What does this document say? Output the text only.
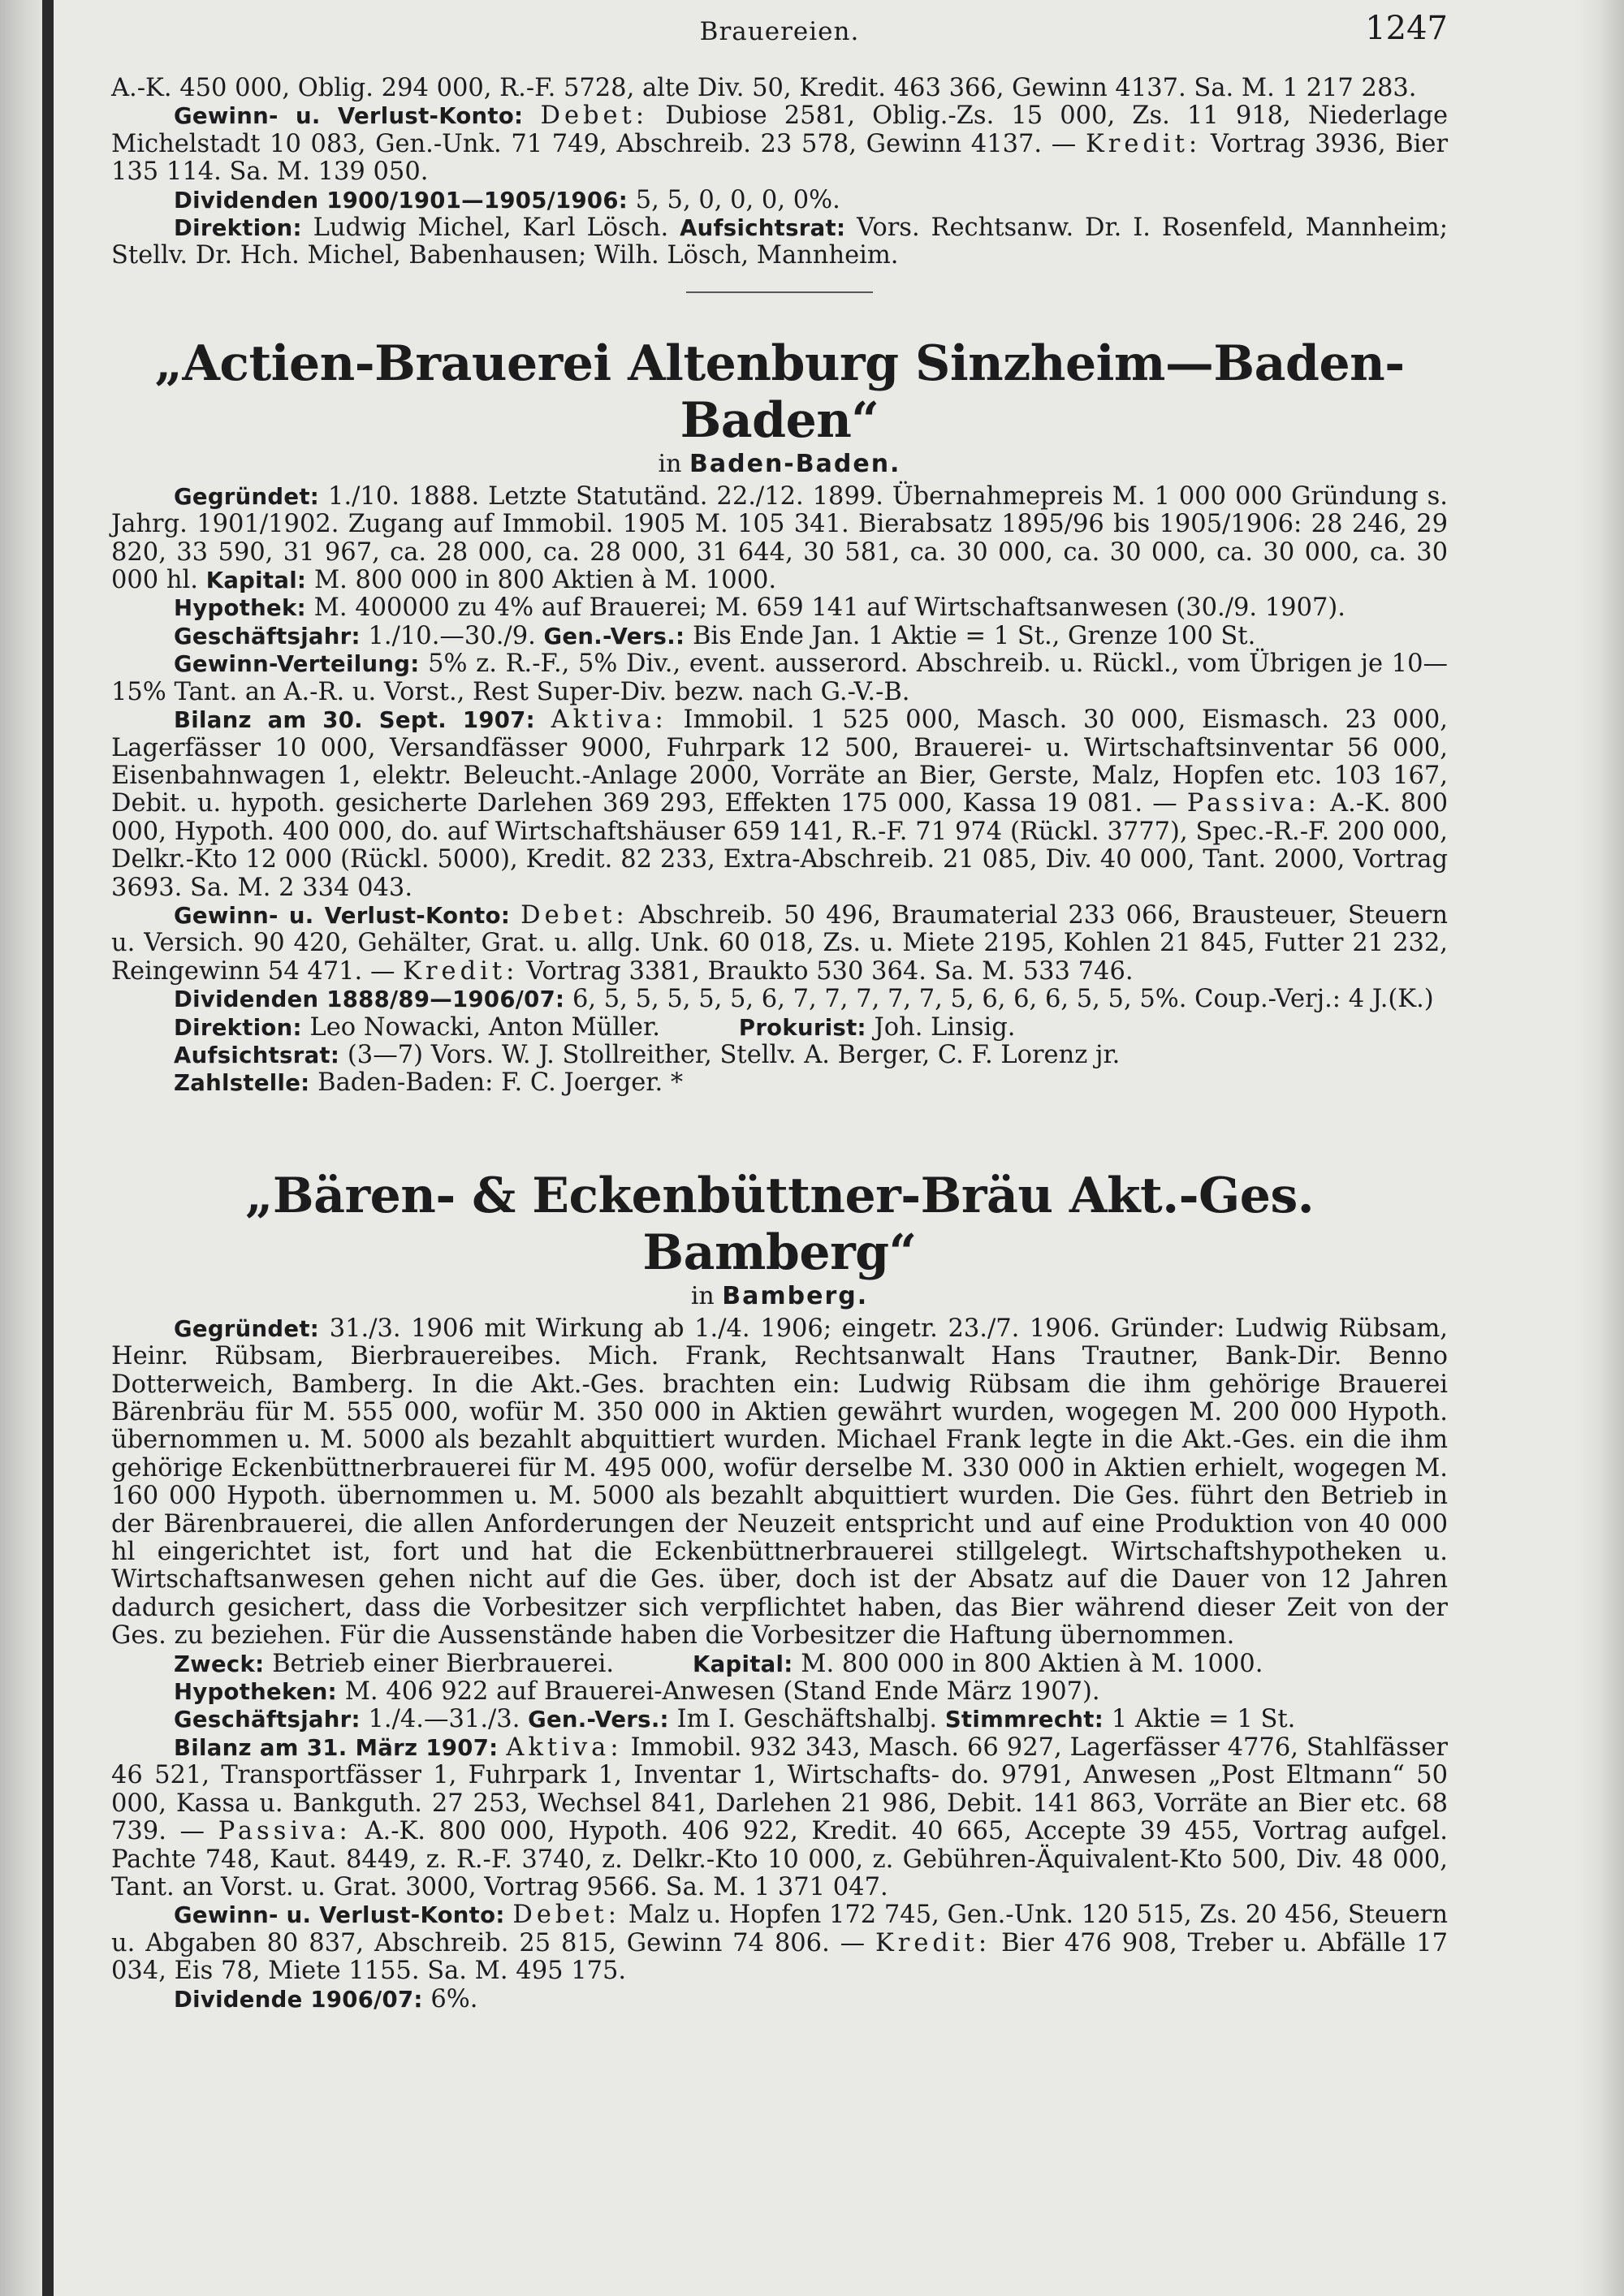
Brauereien.	1247

A.-K. 450 000, Oblig. 294 000, R.-F. 5728, alte Div. 50, Kredit. 463 366, Gewinn 4137. Sa. M. 1 217 283.

Gewinn- u. Verlust-Konto: Debet: Dubiose 2581, Oblig.-Zs. 15 000, Zs. 11 918, Niederlage Michelstadt 10 083, Gen.-Unk. 71 749, Abschreib. 23 578, Gewinn 4137. — Kredit: Vortrag 3936, Bier 135 114. Sa. M. 139 050.

Dividenden 1900/1901—1905/1906: 5, 5, 0, 0, 0, 0%.

Direktion: Ludwig Michel, Karl Lösch. Aufsichtsrat: Vors. Rechtsanw. Dr. I. Rosenfeld, Mannheim; Stellv. Dr. Hch. Michel, Babenhausen; Wilh. Lösch, Mannheim.

„Actien-Brauerei Altenburg Sinzheim—Baden-Baden“
in Baden-Baden.

Gegründet: 1./10. 1888. Letzte Statutänd. 22./12. 1899. Übernahmepreis M. 1 000 000 Gründung s. Jahrg. 1901/1902. Zugang auf Immobil. 1905 M. 105 341. Bierabsatz 1895/96 bis 1905/1906: 28 246, 29 820, 33 590, 31 967, ca. 28 000, ca. 28 000, 31 644, 30 581, ca. 30 000, ca. 30 000, ca. 30 000, ca. 30 000 hl. Kapital: M. 800 000 in 800 Aktien à M. 1000.

Hypothek: M. 400000 zu 4% auf Brauerei; M. 659 141 auf Wirtschaftsanwesen (30./9. 1907).

Geschäftsjahr: 1./10.—30./9. Gen.-Vers.: Bis Ende Jan. 1 Aktie = 1 St., Grenze 100 St.

Gewinn-Verteilung: 5% z. R.-F., 5% Div., event. ausserord. Abschreib. u. Rückl., vom Übrigen je 10—15% Tant. an A.-R. u. Vorst., Rest Super-Div. bezw. nach G.-V.-B.

Bilanz am 30. Sept. 1907: Aktiva: Immobil. 1 525 000, Masch. 30 000, Eismasch. 23 000, Lagerfässer 10 000, Versandfässer 9000, Fuhrpark 12 500, Brauerei- u. Wirtschaftsinventar 56 000, Eisenbahnwagen 1, elektr. Beleucht.-Anlage 2000, Vorräte an Bier, Gerste, Malz, Hopfen etc. 103 167, Debit. u. hypoth. gesicherte Darlehen 369 293, Effekten 175 000, Kassa 19 081. — Passiva: A.-K. 800 000, Hypoth. 400 000, do. auf Wirtschaftshäuser 659 141, R.-F. 71 974 (Rückl. 3777), Spec.-R.-F. 200 000, Delkr.-Kto 12 000 (Rückl. 5000), Kredit. 82 233, Extra-Abschreib. 21 085, Div. 40 000, Tant. 2000, Vortrag 3693. Sa. M. 2 334 043.

Gewinn- u. Verlust-Konto: Debet: Abschreib. 50 496, Braumaterial 233 066, Brausteuer, Steuern u. Versich. 90 420, Gehälter, Grat. u. allg. Unk. 60 018, Zs. u. Miete 2195, Kohlen 21 845, Futter 21 232, Reingewinn 54 471. — Kredit: Vortrag 3381, Braukto 530 364. Sa. M. 533 746.

Dividenden 1888/89—1906/07: 6, 5, 5, 5, 5, 5, 6, 7, 7, 7, 7, 7, 5, 6, 6, 6, 5, 5, 5%. Coup.-Verj.: 4 J.(K.)

Direktion: Leo Nowacki, Anton Müller.	Prokurist: Joh. Linsig.

Aufsichtsrat: (3—7) Vors. W. J. Stollreither, Stellv. A. Berger, C. F. Lorenz jr.

Zahlstelle: Baden-Baden: F. C. Joerger. *

„Bären- & Eckenbüttner-Bräu Akt.-Ges. Bamberg“
in Bamberg.

Gegründet: 31./3. 1906 mit Wirkung ab 1./4. 1906; eingetr. 23./7. 1906. Gründer: Ludwig Rübsam, Heinr. Rübsam, Bierbrauereibes. Mich. Frank, Rechtsanwalt Hans Trautner, Bank-Dir. Benno Dotterweich, Bamberg. In die Akt.-Ges. brachten ein: Ludwig Rübsam die ihm gehörige Brauerei Bärenbräu für M. 555 000, wofür M. 350 000 in Aktien gewährt wurden, wogegen M. 200 000 Hypoth. übernommen u. M. 5000 als bezahlt abquittiert wurden. Michael Frank legte in die Akt.-Ges. ein die ihm gehörige Eckenbüttnerbrauerei für M. 495 000, wofür derselbe M. 330 000 in Aktien erhielt, wogegen M. 160 000 Hypoth. übernommen u. M. 5000 als bezahlt abquittiert wurden. Die Ges. führt den Betrieb in der Bärenbrauerei, die allen Anforderungen der Neuzeit entspricht und auf eine Produktion von 40 000 hl eingerichtet ist, fort und hat die Eckenbüttnerbrauerei stillgelegt. Wirtschaftshypotheken u. Wirtschaftsanwesen gehen nicht auf die Ges. über, doch ist der Absatz auf die Dauer von 12 Jahren dadurch gesichert, dass die Vorbesitzer sich verpflichtet haben, das Bier während dieser Zeit von der Ges. zu beziehen. Für die Aussenstände haben die Vorbesitzer die Haftung übernommen.

Zweck: Betrieb einer Bierbrauerei.	Kapital: M. 800 000 in 800 Aktien à M. 1000.

Hypotheken: M. 406 922 auf Brauerei-Anwesen (Stand Ende März 1907).

Geschäftsjahr: 1./4.—31./3. Gen.-Vers.: Im I. Geschäftshalbj. Stimmrecht: 1 Aktie = 1 St.

Bilanz am 31. März 1907: Aktiva: Immobil. 932 343, Masch. 66 927, Lagerfässer 4776, Stahlfässer 46 521, Transportfässer 1, Fuhrpark 1, Inventar 1, Wirtschafts- do. 9791, Anwesen „Post Eltmann“ 50 000, Kassa u. Bankguth. 27 253, Wechsel 841, Darlehen 21 986, Debit. 141 863, Vorräte an Bier etc. 68 739. — Passiva: A.-K. 800 000, Hypoth. 406 922, Kredit. 40 665, Accepte 39 455, Vortrag aufgel. Pachte 748, Kaut. 8449, z. R.-F. 3740, z. Delkr.-Kto 10 000, z. Gebühren-Äquivalent-Kto 500, Div. 48 000, Tant. an Vorst. u. Grat. 3000, Vortrag 9566. Sa. M. 1 371 047.

Gewinn- u. Verlust-Konto: Debet: Malz u. Hopfen 172 745, Gen.-Unk. 120 515, Zs. 20 456, Steuern u. Abgaben 80 837, Abschreib. 25 815, Gewinn 74 806. — Kredit: Bier 476 908, Treber u. Abfälle 17 034, Eis 78, Miete 1155. Sa. M. 495 175.

Dividende 1906/07: 6%.
